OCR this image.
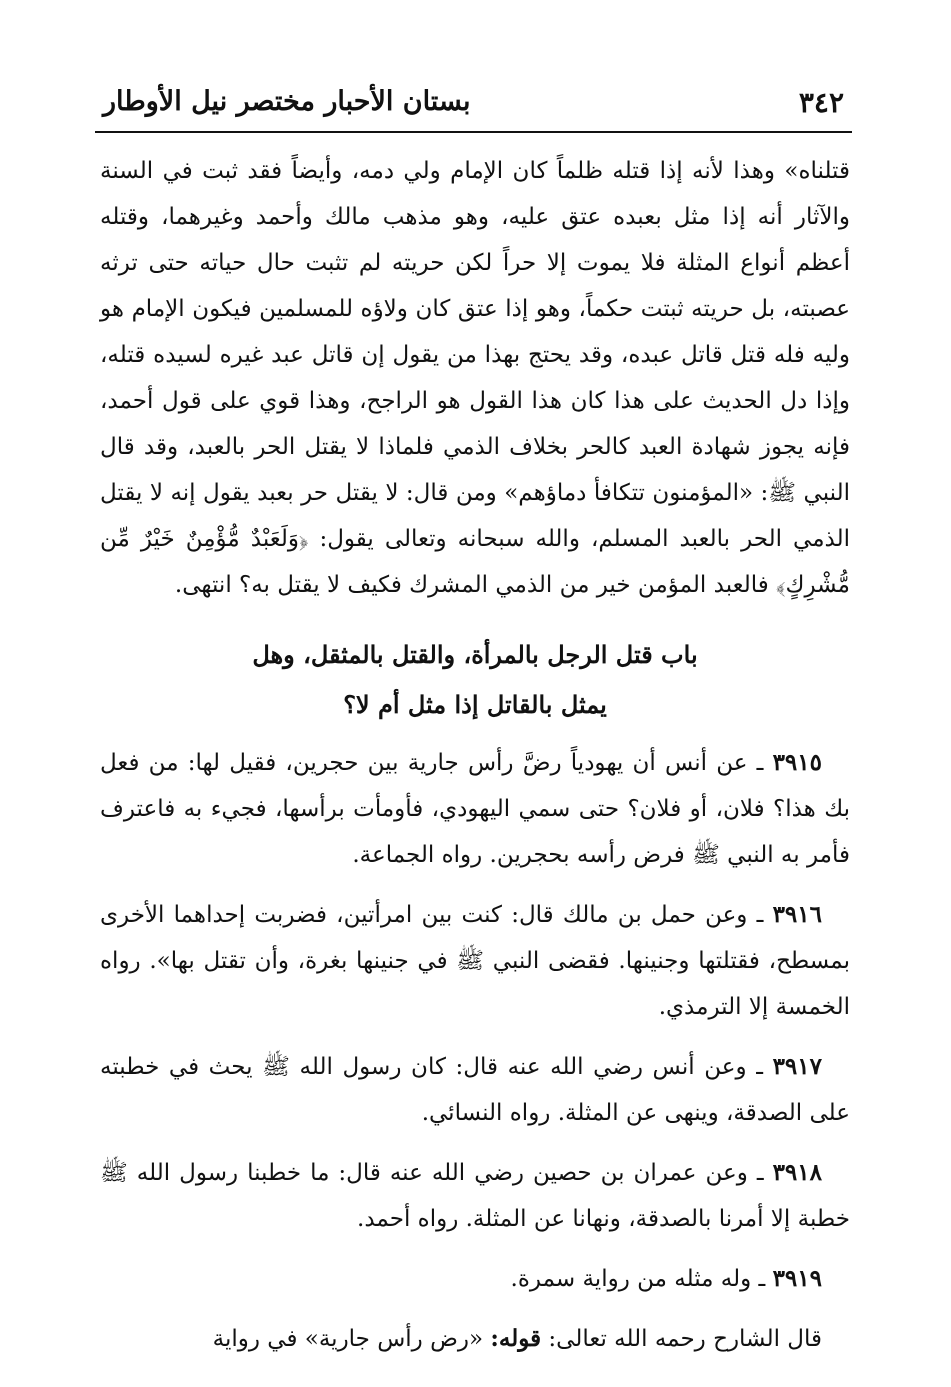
٣٤٢
بستان الأحبار مختصر نيل الأوطار

قتلناه» وهذا لأنه إذا قتله ظلماً كان الإمام ولي دمه، وأيضاً فقد ثبت في السنة والآثار أنه إذا مثل بعبده عتق عليه، وهو مذهب مالك وأحمد وغيرهما، وقتله أعظم أنواع المثلة فلا يموت إلا حراً لكن حريته لم تثبت حال حياته حتى ترثه عصبته، بل حريته ثبتت حكماً، وهو إذا عتق كان ولاؤه للمسلمين فيكون الإمام هو وليه فله قتل قاتل عبده، وقد يحتج بهذا من يقول إن قاتل عبد غيره لسيده قتله، وإذا دل الحديث على هذا كان هذا القول هو الراجح، وهذا قوي على قول أحمد، فإنه يجوز شهادة العبد كالحر بخلاف الذمي فلماذا لا يقتل الحر بالعبد، وقد قال النبي ﷺ: «المؤمنون تتكافأ دماؤهم» ومن قال: لا يقتل حر بعبد يقول إنه لا يقتل الذمي الحر بالعبد المسلم، والله سبحانه وتعالى يقول: ﴿وَلَعَبْدٌ مُّؤْمِنٌ خَيْرٌ مِّن مُّشْرِكٍ﴾ فالعبد المؤمن خير من الذمي المشرك فكيف لا يقتل به؟ انتهى.

باب قتل الرجل بالمرأة، والقتل بالمثقل، وهل
يمثل بالقاتل إذا مثل أم لا؟

٣٩١٥ ـ عن أنس أن يهودياً رضَّ رأس جارية بين حجرين، فقيل لها: من فعل بك هذا؟ فلان، أو فلان؟ حتى سمي اليهودي، فأومأت برأسها، فجيء به فاعترف فأمر به النبي ﷺ فرض رأسه بحجرين. رواه الجماعة.

٣٩١٦ ـ وعن حمل بن مالك قال: كنت بين امرأتين، فضربت إحداهما الأخرى بمسطح، فقتلتها وجنينها. فقضى النبي ﷺ في جنينها بغرة، وأن تقتل بها». رواه الخمسة إلا الترمذي.

٣٩١٧ ـ وعن أنس رضي الله عنه قال: كان رسول الله ﷺ يحث في خطبته على الصدقة، وينهى عن المثلة. رواه النسائي.

٣٩١٨ ـ وعن عمران بن حصين رضي الله عنه قال: ما خطبنا رسول الله ﷺ خطبة إلا أمرنا بالصدقة، ونهانا عن المثلة. رواه أحمد.

٣٩١٩ ـ وله مثله من رواية سمرة.

قال الشارح رحمه الله تعالى: قوله: «رض رأس جارية» في رواية
